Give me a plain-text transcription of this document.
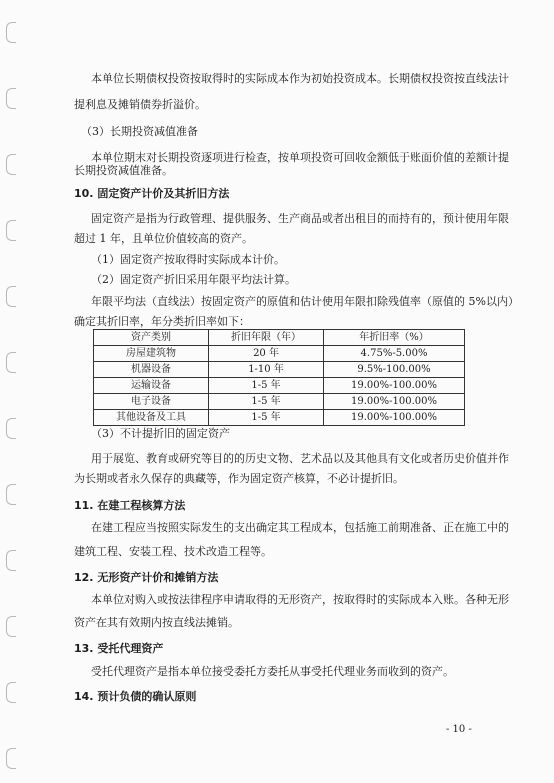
本单位长期债权投资按取得时的实际成本作为初始投资成本。长期债权投资按直线法计

提利息及摊销债券折溢价。

（3）长期投资减值准备

本单位期末对长期投资逐项进行检查，按单项投资可回收金额低于账面价值的差额计提

长期投资减值准备。

10. 固定资产计价及其折旧方法

固定资产是指为行政管理、提供服务、生产商品或者出租目的而持有的，预计使用年限

超过 1 年，且单位价值较高的资产。

（1）固定资产按取得时实际成本计价。

（2）固定资产折旧采用年限平均法计算。

年限平均法（直线法）按固定资产的原值和估计使用年限扣除残值率（原值的 5%以内）

确定其折旧率，年分类折旧率如下：

资产类别	折旧年限（年）	年折旧率（%）
房屋建筑物	20 年	4.75%-5.00%
机器设备	1-10 年	9.5%-100.00%
运输设备	1-5 年	19.00%-100.00%
电子设备	1-5 年	19.00%-100.00%
其他设备及工具	1-5 年	19.00%-100.00%

（3）不计提折旧的固定资产

用于展览、教育或研究等目的的历史文物、艺术品以及其他具有文化或者历史价值并作

为长期或者永久保存的典藏等，作为固定资产核算，不必计提折旧。

11. 在建工程核算方法

在建工程应当按照实际发生的支出确定其工程成本，包括施工前期准备、正在施工中的

建筑工程、安装工程、技术改造工程等。

12. 无形资产计价和摊销方法

本单位对购入或按法律程序申请取得的无形资产，按取得时的实际成本入账。各种无形

资产在其有效期内按直线法摊销。

13. 受托代理资产

受托代理资产是指本单位接受委托方委托从事受托代理业务而收到的资产。

14. 预计负债的确认原则
- 10 -
